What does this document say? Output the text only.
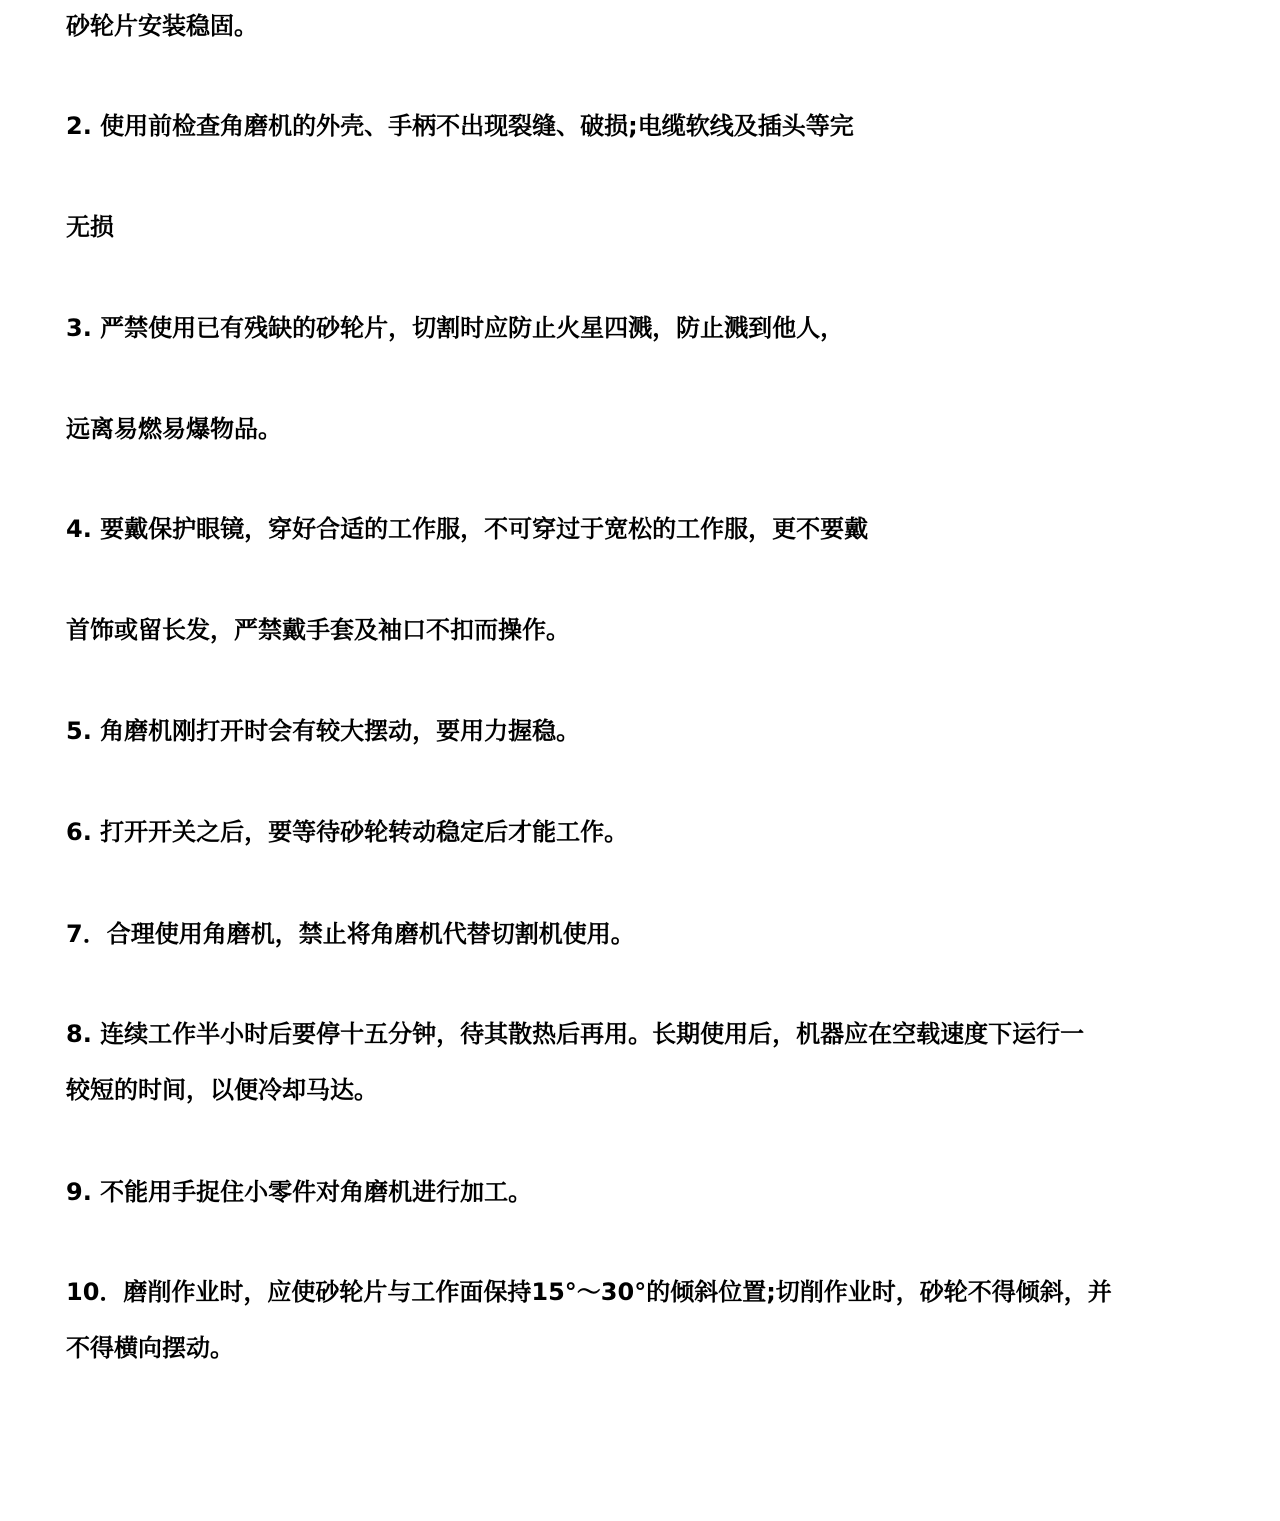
砂轮片安装稳固。
2. 使用前检查角磨机的外壳、手柄不出现裂缝、破损;电缆软线及插头等完
无损
3. 严禁使用已有残缺的砂轮片，切割时应防止火星四溅，防止溅到他人，
远离易燃易爆物品。
4. 要戴保护眼镜，穿好合适的工作服，不可穿过于宽松的工作服，更不要戴
首饰或留长发，严禁戴手套及袖口不扣而操作。
5. 角磨机刚打开时会有较大摆动，要用力握稳。
6. 打开开关之后，要等待砂轮转动稳定后才能工作。
7．合理使用角磨机，禁止将角磨机代替切割机使用。
8. 连续工作半小时后要停十五分钟，待其散热后再用。长期使用后，机器应在空载速度下运行一
较短的时间，以便冷却马达。
9. 不能用手捉住小零件对角磨机进行加工。
10．磨削作业时，应使砂轮片与工作面保持15°～30°的倾斜位置;切削作业时，砂轮不得倾斜，并
不得横向摆动。
